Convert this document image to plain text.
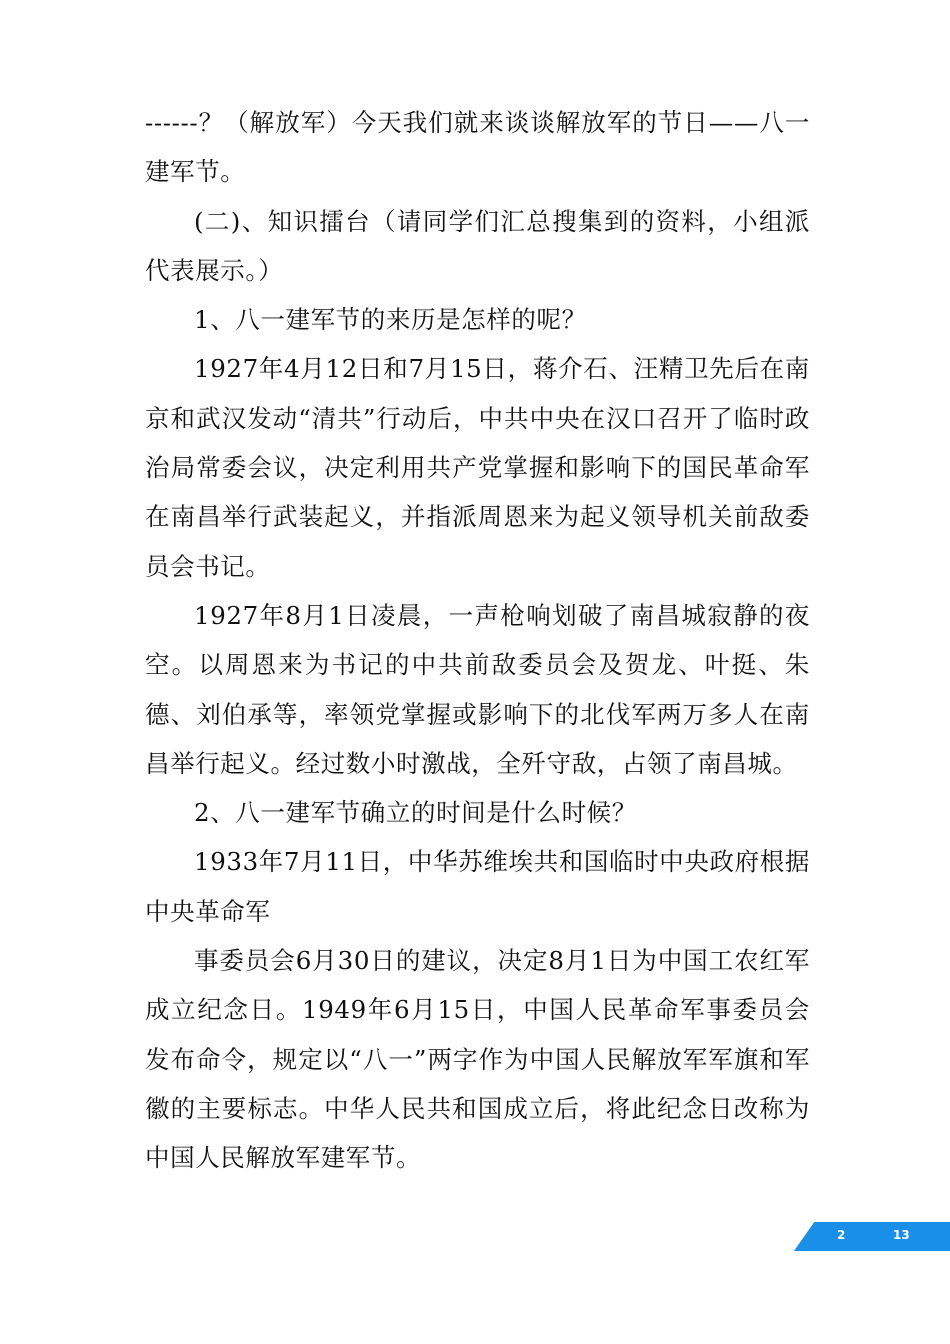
------？（解放军）今天我们就来谈谈解放军的节日——八一建军节。

(二)、知识擂台（请同学们汇总搜集到的资料，小组派代表展示。）

1、八一建军节的来历是怎样的呢？

1927年4月12日和7月15日，蒋介石、汪精卫先后在南京和武汉发动“清共”行动后，中共中央在汉口召开了临时政治局常委会议，决定利用共产党掌握和影响下的国民革命军在南昌举行武装起义，并指派周恩来为起义领导机关前敌委员会书记。

1927年8月1日凌晨，一声枪响划破了南昌城寂静的夜空。以周恩来为书记的中共前敌委员会及贺龙、叶挺、朱德、刘伯承等，率领党掌握或影响下的北伐军两万多人在南昌举行起义。经过数小时激战，全歼守敌，占领了南昌城。

2、八一建军节确立的时间是什么时候？

1933年7月11日，中华苏维埃共和国临时中央政府根据中央革命军

事委员会6月30日的建议，决定8月1日为中国工农红军成立纪念日。1949年6月15日，中国人民革命军事委员会发布命令，规定以“八一”两字作为中国人民解放军军旗和军徽的主要标志。中华人民共和国成立后，将此纪念日改称为中国人民解放军建军节。

2	13
